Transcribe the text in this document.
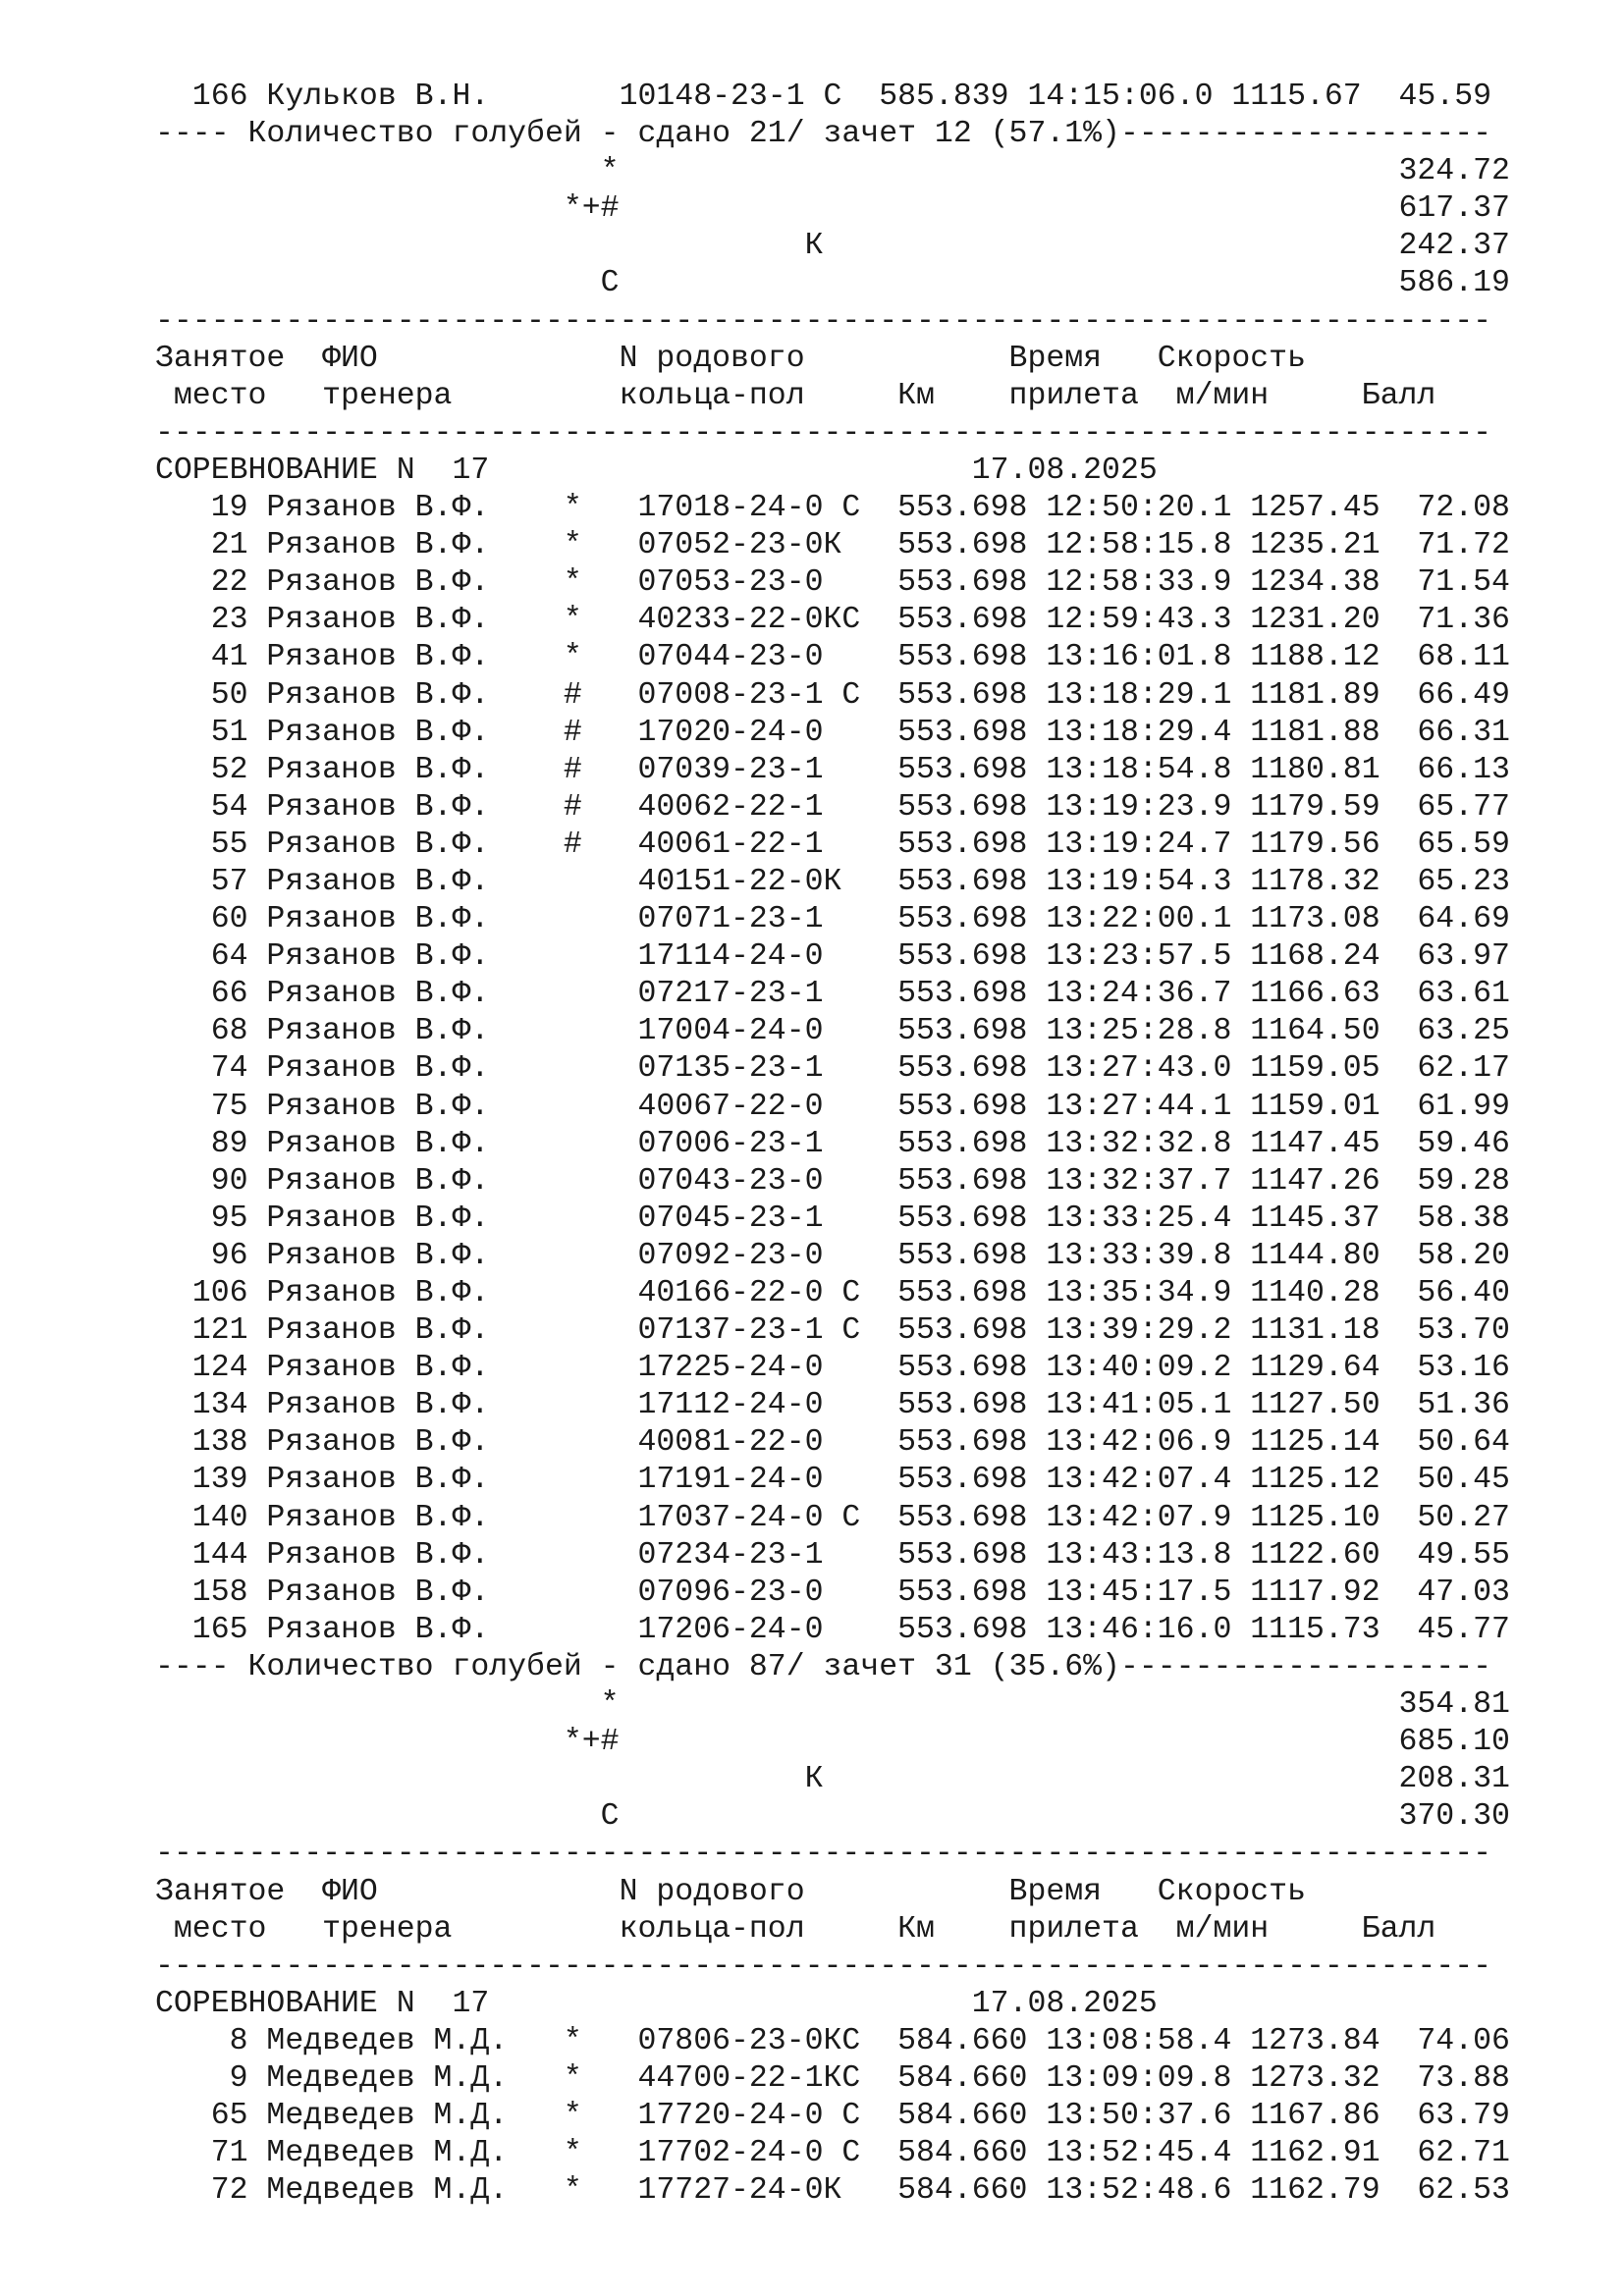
166 Кульков В.Н.       10148-23-1 С  585.839 14:15:06.0 1115.67  45.59
---- Количество голубей - сдано 21/ зачет 12 (57.1%)--------------------
*                                          324.72
*+#                                          617.37
К                               242.37
С                                          586.19
------------------------------------------------------------------------
Занятое  ФИО             N родового           Время   Скорость
место   тренера         кольца-пол     Км    прилета  м/мин     Балл
------------------------------------------------------------------------
СОРЕВНОВАНИЕ N  17                          17.08.2025
19 Рязанов В.Ф.    *   17018-24-0 С  553.698 12:50:20.1 1257.45  72.08
21 Рязанов В.Ф.    *   07052-23-0К   553.698 12:58:15.8 1235.21  71.72
22 Рязанов В.Ф.    *   07053-23-0    553.698 12:58:33.9 1234.38  71.54
23 Рязанов В.Ф.    *   40233-22-0КС  553.698 12:59:43.3 1231.20  71.36
41 Рязанов В.Ф.    *   07044-23-0    553.698 13:16:01.8 1188.12  68.11
50 Рязанов В.Ф.    #   07008-23-1 С  553.698 13:18:29.1 1181.89  66.49
51 Рязанов В.Ф.    #   17020-24-0    553.698 13:18:29.4 1181.88  66.31
52 Рязанов В.Ф.    #   07039-23-1    553.698 13:18:54.8 1180.81  66.13
54 Рязанов В.Ф.    #   40062-22-1    553.698 13:19:23.9 1179.59  65.77
55 Рязанов В.Ф.    #   40061-22-1    553.698 13:19:24.7 1179.56  65.59
57 Рязанов В.Ф.        40151-22-0К   553.698 13:19:54.3 1178.32  65.23
60 Рязанов В.Ф.        07071-23-1    553.698 13:22:00.1 1173.08  64.69
64 Рязанов В.Ф.        17114-24-0    553.698 13:23:57.5 1168.24  63.97
66 Рязанов В.Ф.        07217-23-1    553.698 13:24:36.7 1166.63  63.61
68 Рязанов В.Ф.        17004-24-0    553.698 13:25:28.8 1164.50  63.25
74 Рязанов В.Ф.        07135-23-1    553.698 13:27:43.0 1159.05  62.17
75 Рязанов В.Ф.        40067-22-0    553.698 13:27:44.1 1159.01  61.99
89 Рязанов В.Ф.        07006-23-1    553.698 13:32:32.8 1147.45  59.46
90 Рязанов В.Ф.        07043-23-0    553.698 13:32:37.7 1147.26  59.28
95 Рязанов В.Ф.        07045-23-1    553.698 13:33:25.4 1145.37  58.38
96 Рязанов В.Ф.        07092-23-0    553.698 13:33:39.8 1144.80  58.20
106 Рязанов В.Ф.        40166-22-0 С  553.698 13:35:34.9 1140.28  56.40
121 Рязанов В.Ф.        07137-23-1 С  553.698 13:39:29.2 1131.18  53.70
124 Рязанов В.Ф.        17225-24-0    553.698 13:40:09.2 1129.64  53.16
134 Рязанов В.Ф.        17112-24-0    553.698 13:41:05.1 1127.50  51.36
138 Рязанов В.Ф.        40081-22-0    553.698 13:42:06.9 1125.14  50.64
139 Рязанов В.Ф.        17191-24-0    553.698 13:42:07.4 1125.12  50.45
140 Рязанов В.Ф.        17037-24-0 С  553.698 13:42:07.9 1125.10  50.27
144 Рязанов В.Ф.        07234-23-1    553.698 13:43:13.8 1122.60  49.55
158 Рязанов В.Ф.        07096-23-0    553.698 13:45:17.5 1117.92  47.03
165 Рязанов В.Ф.        17206-24-0    553.698 13:46:16.0 1115.73  45.77
---- Количество голубей - сдано 87/ зачет 31 (35.6%)--------------------
*                                          354.81
*+#                                          685.10
К                               208.31
С                                          370.30
------------------------------------------------------------------------
Занятое  ФИО             N родового           Время   Скорость
место   тренера         кольца-пол     Км    прилета  м/мин     Балл
------------------------------------------------------------------------
СОРЕВНОВАНИЕ N  17                          17.08.2025
8 Медведев М.Д.   *   07806-23-0КС  584.660 13:08:58.4 1273.84  74.06
9 Медведев М.Д.   *   44700-22-1КС  584.660 13:09:09.8 1273.32  73.88
65 Медведев М.Д.   *   17720-24-0 С  584.660 13:50:37.6 1167.86  63.79
71 Медведев М.Д.   *   17702-24-0 С  584.660 13:52:45.4 1162.91  62.71
72 Медведев М.Д.   *   17727-24-0К   584.660 13:52:48.6 1162.79  62.53
